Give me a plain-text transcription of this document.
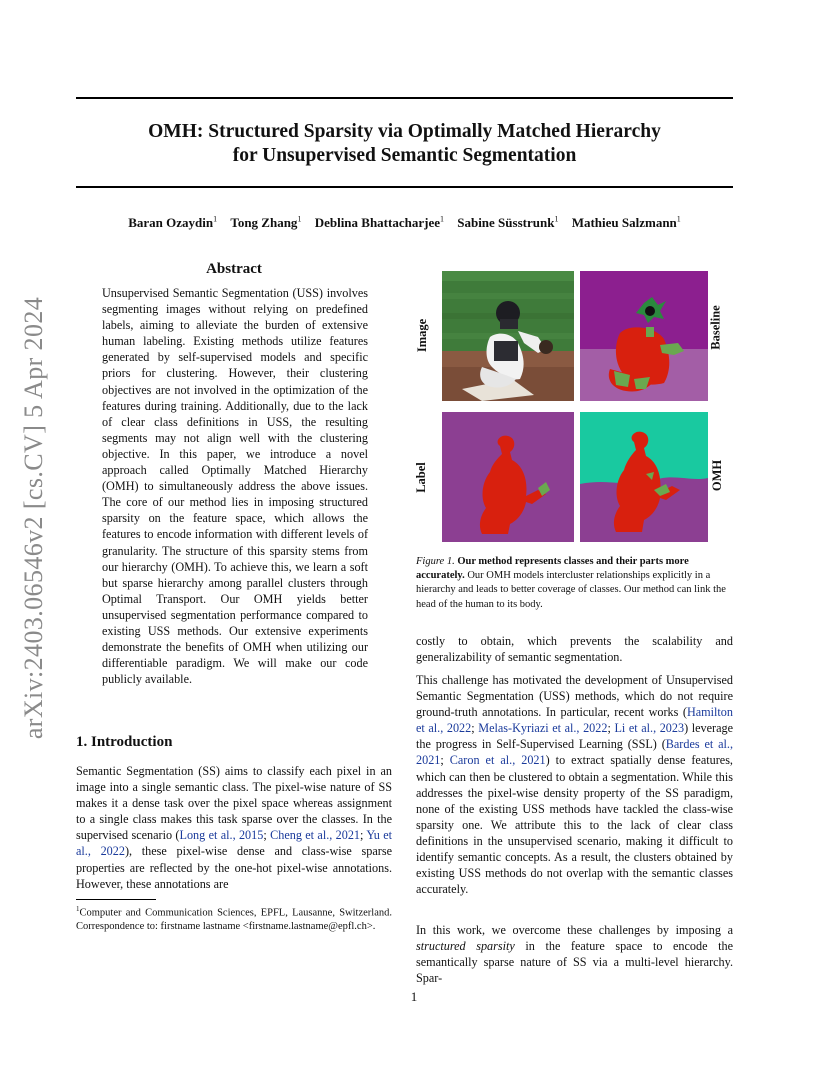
arXiv:2403.06546v2 [cs.CV] 5 Apr 2024
OMH: Structured Sparsity via Optimally Matched Hierarchy
for Unsupervised Semantic Segmentation
Baran Ozaydin$^1$ Tong Zhang$^1$ Deblina Bhattacharjee$^1$ Sabine Süsstrunk$^1$ Mathieu Salzmann$^1$
Abstract
Unsupervised Semantic Segmentation (USS) involves segmenting images without relying on predefined labels, aiming to alleviate the burden of extensive human labeling. Existing methods utilize features generated by self-supervised models and specific priors for clustering. However, their clustering objectives are not involved in the optimization of the features during training. Additionally, due to the lack of clear class definitions in USS, the resulting segments may not align well with the clustering objective. In this paper, we introduce a novel approach called Optimally Matched Hierarchy (OMH) to simultaneously address the above issues. The core of our method lies in imposing structured sparsity on the feature space, which allows the features to encode information with different levels of granularity. The structure of this sparsity stems from our hierarchy (OMH). To achieve this, we learn a soft but sparse hierarchy among parallel clusters through Optimal Transport. Our OMH yields better unsupervised segmentation performance compared to existing USS methods. Our extensive experiments demonstrate the benefits of OMH when utilizing our differentiable paradigm. We will make our code publicly available.
1. Introduction

Semantic Segmentation (SS) aims to classify each pixel in an image into a single semantic class. The pixel-wise nature of SS makes it a dense task over the pixel space whereas assignment to a single class makes this task sparse over the classes. In the supervised scenario (Long et al., 2015; Cheng et al., 2021; Yu et al., 2022), these pixel-wise dense and class-wise sparse properties are reflected by the one-hot pixel-wise annotations. However, these annotations are

$^1$Computer and Communication Sciences, EPFL, Lausanne, Switzerland. Correspondence to: firstname lastname <firstname.lastname@epfl.ch>.
Image	Baseline
Label	OMH
Figure 1. Our method represents classes and their parts more accurately. Our OMH models intercluster relationships explicitly in a hierarchy and leads to better coverage of classes. Our method can link the head of the human to its body.
costly to obtain, which prevents the scalability and generalizability of semantic segmentation.

This challenge has motivated the development of Unsupervised Semantic Segmentation (USS) methods, which do not require ground-truth annotations. In particular, recent works (Hamilton et al., 2022; Melas-Kyriazi et al., 2022; Li et al., 2023) leverage the progress in Self-Supervised Learning (SSL) (Bardes et al., 2021; Caron et al., 2021) to extract spatially dense features, which can then be clustered to obtain a segmentation. While this addresses the pixel-wise density property of the SS paradigm, none of the existing USS methods have tackled the class-wise sparsity one. We attribute this to the lack of clear class definitions in the unsupervised scenario, making it difficult to identify semantic concepts. As a result, the clusters obtained by existing USS methods do not overlap with the semantic classes accurately.

In this work, we overcome these challenges by imposing a structured sparsity in the feature space to encode the semantically sparse nature of SS via a multi-level hierarchy. Spar-

1
